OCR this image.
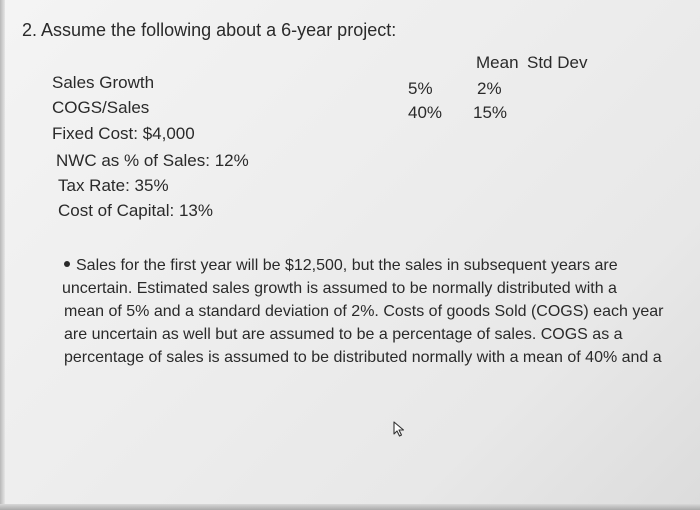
2. Assume the following about a 6-year project:
Mean Std Dev
Sales Growth	5%	2%
COGS/Sales	40% 15%
Fixed Cost: $4,000
NWC as % of Sales: 12%
Tax Rate: 35%
Cost of Capital: 13%
Sales for the first year will be $12,500, but the sales in subsequent years are
uncertain. Estimated sales growth is assumed to be normally distributed with a
mean of 5% and a standard deviation of 2%. Costs of goods Sold (COGS) each year
are uncertain as well but are assumed to be a percentage of sales. COGS as a
percentage of sales is assumed to be distributed normally with a mean of 40% and a
